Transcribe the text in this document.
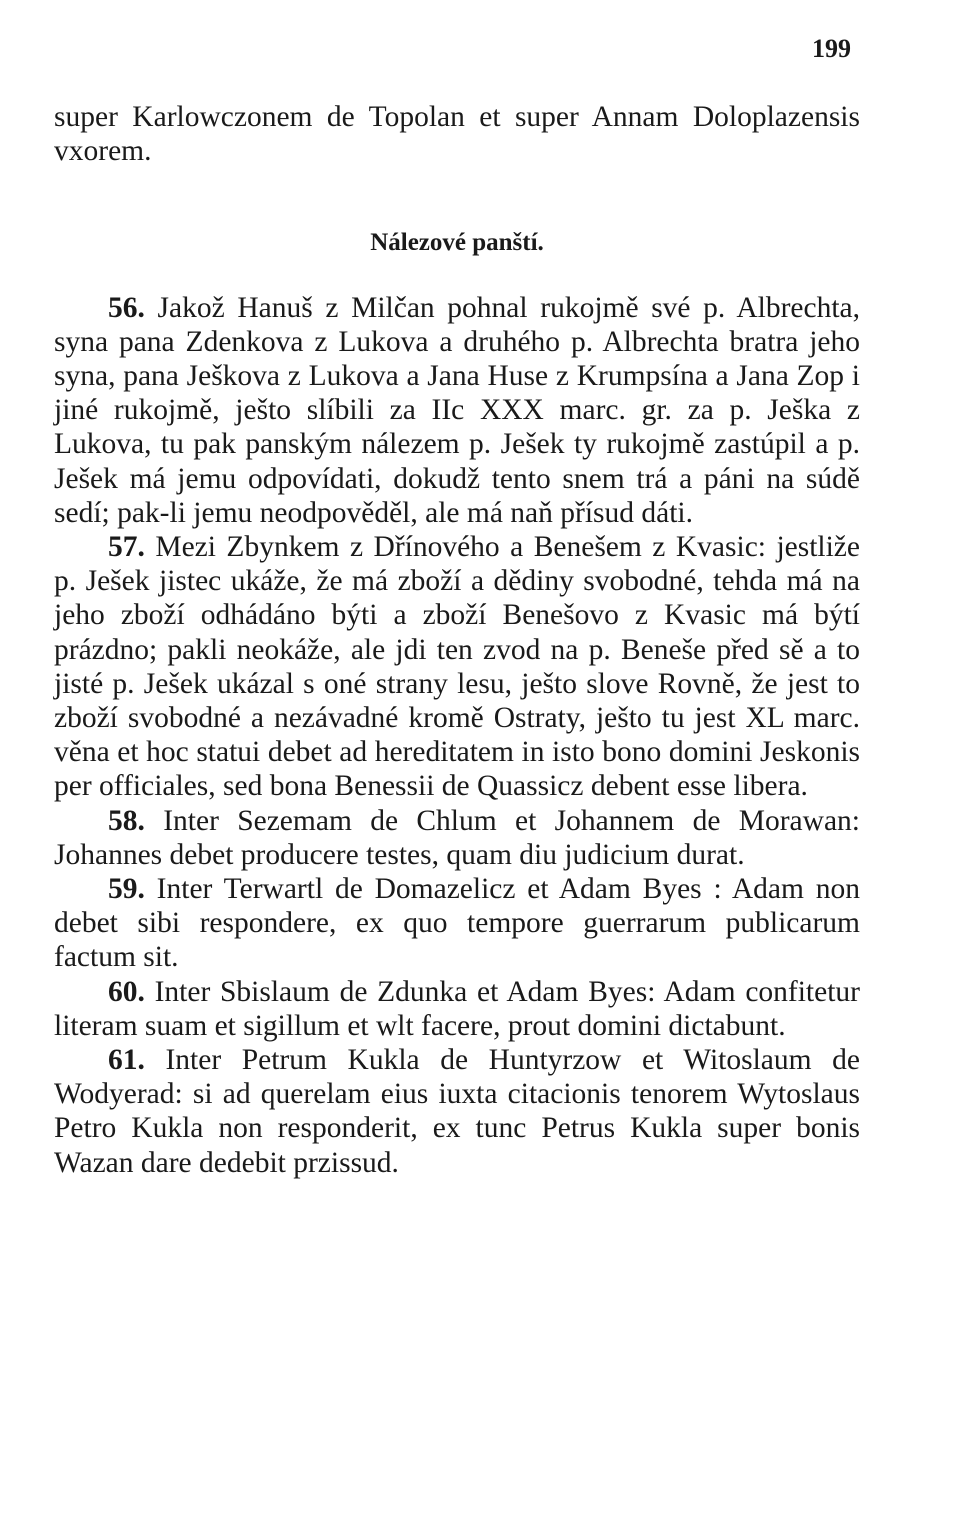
199

super Karlowczonem de Topolan et super Annam Doloplazensis vxorem.

Nálezové panští.

56. Jakož Hanuš z Milčan pohnal rukojmě své p. Albrechta, syna pana Zdenkova z Lukova a druhého p. Albrechta bratra jeho syna, pana Ješkova z Lukova a Jana Huse z Krumpsína a Jana Zop i jiné rukojmě, ješto slíbili za IIc XXX marc. gr. za p. Ješka z Lukova, tu pak panským nálezem p. Ješek ty rukojmě zastúpil a p. Ješek má jemu odpovídati, dokudž tento snem trá a páni na súdě sedí; pak-li jemu neodpověděl, ale má naň přísud dáti.

57. Mezi Zbynkem z Dřínového a Benešem z Kvasic: jestliže p. Ješek jistec ukáže, že má zboží a dědiny svobodné, tehda má na jeho zboží odhádáno býti a zboží Benešovo z Kvasic má býtí prázdno; pakli neokáže, ale jdi ten zvod na p. Beneše před sě a to jisté p. Ješek ukázal s oné strany lesu, ješto slove Rovně, že jest to zboží svobodné a nezávadné kromě Ostraty, ješto tu jest XL marc. věna et hoc statui debet ad hereditatem in isto bono domini Jeskonis per officiales, sed bona Benessii de Quassicz debent esse libera.

58. Inter Sezemam de Chlum et Johannem de Morawan: Johannes debet producere testes, quam diu judicium durat.

59. Inter Terwartl de Domazelicz et Adam Byes : Adam non debet sibi respondere, ex quo tempore guerrarum publicarum factum sit.

60. Inter Sbislaum de Zdunka et Adam Byes: Adam confitetur literam suam et sigillum et wlt facere, prout domini dictabunt.

61. Inter Petrum Kukla de Huntyrzow et Witoslaum de Wodyerad: si ad querelam eius iuxta citacionis tenorem Wytoslaus Petro Kukla non responderit, ex tunc Petrus Kukla super bonis Wazan dare dedebit przissud.
